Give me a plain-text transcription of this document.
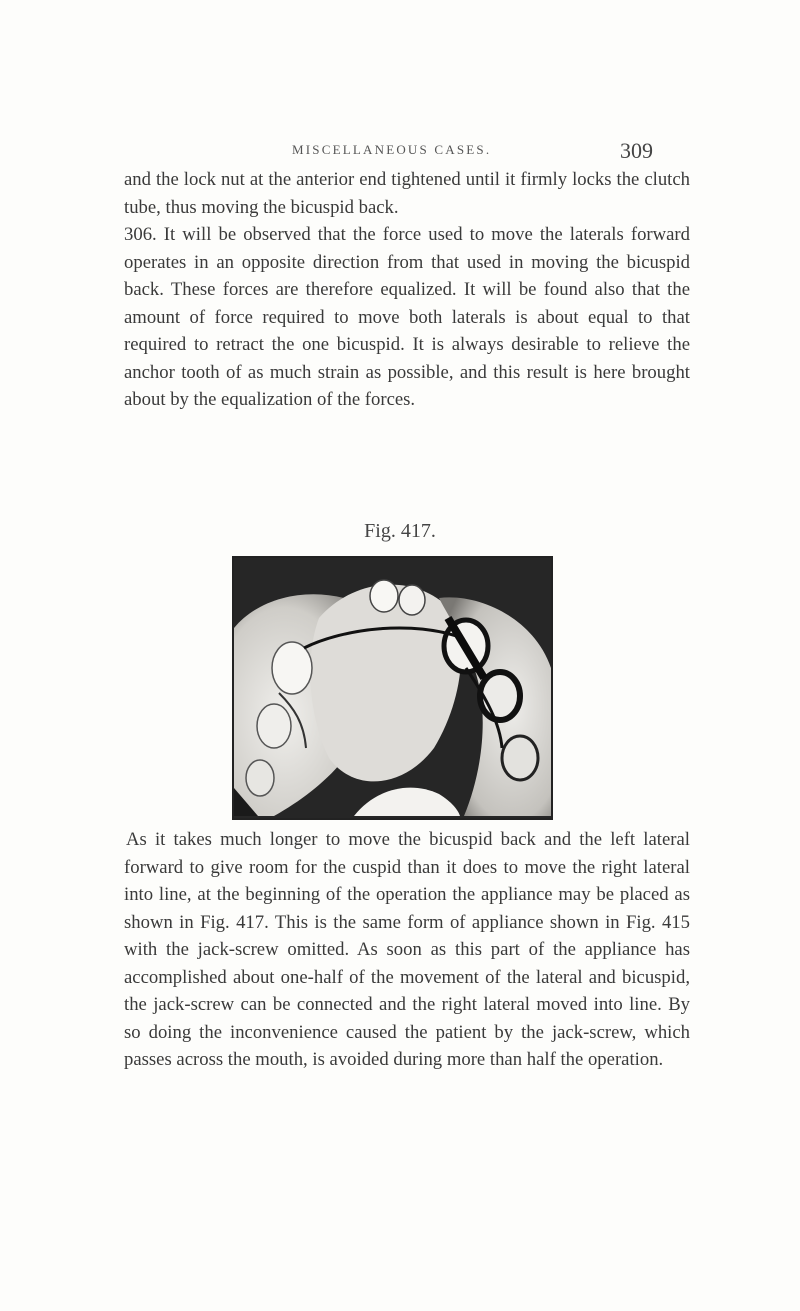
MISCELLANEOUS CASES.	309

and the lock nut at the anterior end tightened until it firmly locks the clutch tube, thus moving the bicuspid back.
306. It will be observed that the force used to move the laterals forward operates in an opposite direction from that used in moving the bicuspid back. These forces are therefore equalized. It will be found also that the amount of force required to move both laterals is about equal to that required to retract the one bicuspid. It is always desirable to relieve the anchor tooth of as much strain as possible, and this result is here brought about by the equalization of the forces.

Fig. 417.

As it takes much longer to move the bicuspid back and the left lateral forward to give room for the cuspid than it does to move the right lateral into line, at the beginning of the operation the appliance may be placed as shown in Fig. 417. This is the same form of appliance shown in Fig. 415 with the jack-screw omitted. As soon as this part of the appliance has accomplished about one-half of the movement of the lateral and bicuspid, the jack-screw can be connected and the right lateral moved into line. By so doing the inconvenience caused the patient by the jack-screw, which passes across the mouth, is avoided during more than half the operation.
